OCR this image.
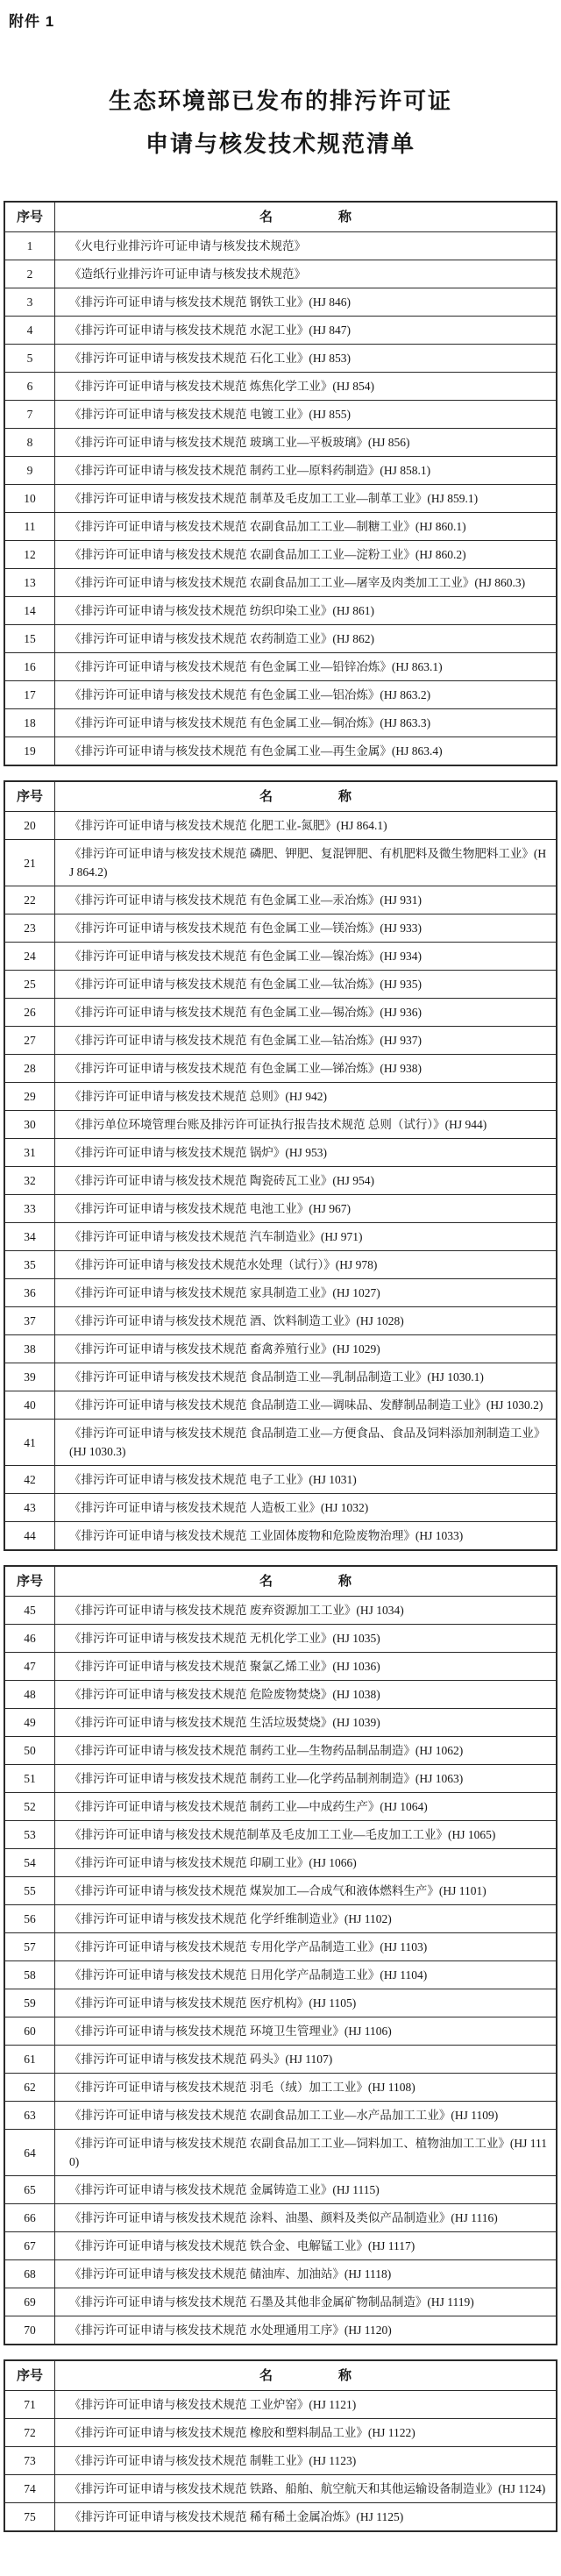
附件 1
生态环境部已发布的排污许可证
申请与核发技术规范清单
序号	名　　　　　称
1	《火电行业排污许可证申请与核发技术规范》
2	《造纸行业排污许可证申请与核发技术规范》
3	《排污许可证申请与核发技术规范 钢铁工业》(HJ 846)
4	《排污许可证申请与核发技术规范 水泥工业》(HJ 847)
5	《排污许可证申请与核发技术规范 石化工业》(HJ 853)
6	《排污许可证申请与核发技术规范 炼焦化学工业》(HJ 854)
7	《排污许可证申请与核发技术规范 电镀工业》(HJ 855)
8	《排污许可证申请与核发技术规范 玻璃工业—平板玻璃》(HJ 856)
9	《排污许可证申请与核发技术规范 制药工业—原料药制造》(HJ 858.1)
10	《排污许可证申请与核发技术规范 制革及毛皮加工工业—制革工业》(HJ 859.1)
11	《排污许可证申请与核发技术规范 农副食品加工工业—制糖工业》(HJ 860.1)
12	《排污许可证申请与核发技术规范 农副食品加工工业—淀粉工业》(HJ 860.2)
13	《排污许可证申请与核发技术规范 农副食品加工工业—屠宰及肉类加工工业》(HJ 860.3)
14	《排污许可证申请与核发技术规范 纺织印染工业》(HJ 861)
15	《排污许可证申请与核发技术规范 农药制造工业》(HJ 862)
16	《排污许可证申请与核发技术规范 有色金属工业—铅锌冶炼》(HJ 863.1)
17	《排污许可证申请与核发技术规范 有色金属工业—铝冶炼》(HJ 863.2)
18	《排污许可证申请与核发技术规范 有色金属工业—铜冶炼》(HJ 863.3)
19	《排污许可证申请与核发技术规范 有色金属工业—再生金属》(HJ 863.4)
序号	名　　　　　称
20	《排污许可证申请与核发技术规范 化肥工业-氮肥》(HJ 864.1)
21	《排污许可证申请与核发技术规范 磷肥、钾肥、复混钾肥、有机肥料及微生物肥料工业》(HJ 864.2)
22	《排污许可证申请与核发技术规范 有色金属工业—汞冶炼》(HJ 931)
23	《排污许可证申请与核发技术规范 有色金属工业—镁冶炼》(HJ 933)
24	《排污许可证申请与核发技术规范 有色金属工业—镍冶炼》(HJ 934)
25	《排污许可证申请与核发技术规范 有色金属工业—钛冶炼》(HJ 935)
26	《排污许可证申请与核发技术规范 有色金属工业—锡冶炼》(HJ 936)
27	《排污许可证申请与核发技术规范 有色金属工业—钴冶炼》(HJ 937)
28	《排污许可证申请与核发技术规范 有色金属工业—锑冶炼》(HJ 938)
29	《排污许可证申请与核发技术规范 总则》(HJ 942)
30	《排污单位环境管理台账及排污许可证执行报告技术规范 总则（试行）》(HJ 944)
31	《排污许可证申请与核发技术规范 锅炉》(HJ 953)
32	《排污许可证申请与核发技术规范 陶瓷砖瓦工业》(HJ 954)
33	《排污许可证申请与核发技术规范 电池工业》(HJ 967)
34	《排污许可证申请与核发技术规范 汽车制造业》(HJ 971)
35	《排污许可证申请与核发技术规范水处理（试行）》(HJ 978)
36	《排污许可证申请与核发技术规范 家具制造工业》(HJ 1027)
37	《排污许可证申请与核发技术规范 酒、饮料制造工业》(HJ 1028)
38	《排污许可证申请与核发技术规范 畜禽养殖行业》(HJ 1029)
39	《排污许可证申请与核发技术规范 食品制造工业—乳制品制造工业》(HJ 1030.1)
40	《排污许可证申请与核发技术规范 食品制造工业—调味品、发酵制品制造工业》(HJ 1030.2)
41	《排污许可证申请与核发技术规范 食品制造工业—方便食品、食品及饲料添加剂制造工业》(HJ 1030.3)
42	《排污许可证申请与核发技术规范 电子工业》(HJ 1031)
43	《排污许可证申请与核发技术规范 人造板工业》(HJ 1032)
44	《排污许可证申请与核发技术规范 工业固体废物和危险废物治理》(HJ 1033)
序号	名　　　　　称
45	《排污许可证申请与核发技术规范 废弃资源加工工业》(HJ 1034)
46	《排污许可证申请与核发技术规范 无机化学工业》(HJ 1035)
47	《排污许可证申请与核发技术规范 聚氯乙烯工业》(HJ 1036)
48	《排污许可证申请与核发技术规范 危险废物焚烧》(HJ 1038)
49	《排污许可证申请与核发技术规范 生活垃圾焚烧》(HJ 1039)
50	《排污许可证申请与核发技术规范 制药工业—生物药品制品制造》(HJ 1062)
51	《排污许可证申请与核发技术规范 制药工业—化学药品制剂制造》(HJ 1063)
52	《排污许可证申请与核发技术规范 制药工业—中成药生产》(HJ 1064)
53	《排污许可证申请与核发技术规范制革及毛皮加工工业—毛皮加工工业》(HJ 1065)
54	《排污许可证申请与核发技术规范 印刷工业》(HJ 1066)
55	《排污许可证申请与核发技术规范 煤炭加工—合成气和液体燃料生产》(HJ 1101)
56	《排污许可证申请与核发技术规范 化学纤维制造业》(HJ 1102)
57	《排污许可证申请与核发技术规范 专用化学产品制造工业》(HJ 1103)
58	《排污许可证申请与核发技术规范 日用化学产品制造工业》(HJ 1104)
59	《排污许可证申请与核发技术规范 医疗机构》(HJ 1105)
60	《排污许可证申请与核发技术规范 环境卫生管理业》(HJ 1106)
61	《排污许可证申请与核发技术规范 码头》(HJ 1107)
62	《排污许可证申请与核发技术规范 羽毛（绒）加工工业》(HJ 1108)
63	《排污许可证申请与核发技术规范 农副食品加工工业—水产品加工工业》(HJ 1109)
64	《排污许可证申请与核发技术规范 农副食品加工工业—饲料加工、植物油加工工业》(HJ 1110)
65	《排污许可证申请与核发技术规范 金属铸造工业》(HJ 1115)
66	《排污许可证申请与核发技术规范 涂料、油墨、颜料及类似产品制造业》(HJ 1116)
67	《排污许可证申请与核发技术规范 铁合金、电解锰工业》(HJ 1117)
68	《排污许可证申请与核发技术规范 储油库、加油站》(HJ 1118)
69	《排污许可证申请与核发技术规范 石墨及其他非金属矿物制品制造》(HJ 1119)
70	《排污许可证申请与核发技术规范 水处理通用工序》(HJ 1120)
序号	名　　　　　称
71	《排污许可证申请与核发技术规范 工业炉窑》(HJ 1121)
72	《排污许可证申请与核发技术规范 橡胶和塑料制品工业》(HJ 1122)
73	《排污许可证申请与核发技术规范 制鞋工业》(HJ 1123)
74	《排污许可证申请与核发技术规范 铁路、船舶、航空航天和其他运输设备制造业》(HJ 1124)
75	《排污许可证申请与核发技术规范 稀有稀土金属冶炼》(HJ 1125)
